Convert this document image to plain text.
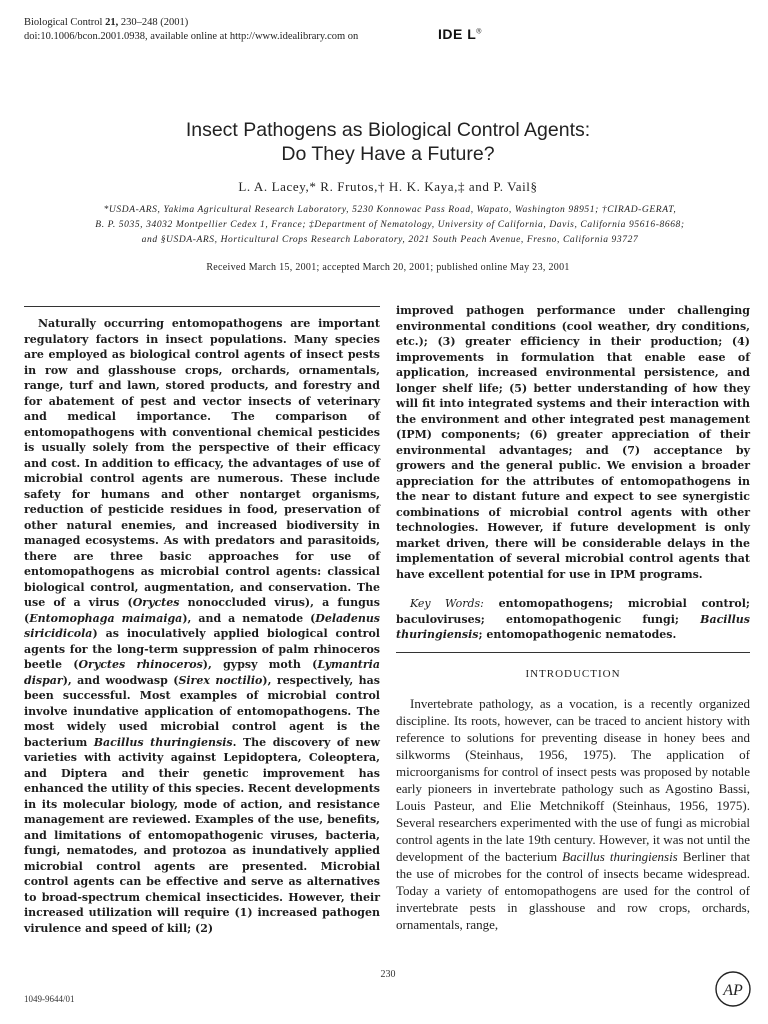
Biological Control 21, 230–248 (2001)
doi:10.1006/bcon.2001.0938, available online at http://www.idealibrary.com on	IDE L®
Insect Pathogens as Biological Control Agents:
Do They Have a Future?
L. A. Lacey,* R. Frutos,† H. K. Kaya,‡ and P. Vail§
*USDA-ARS, Yakima Agricultural Research Laboratory, 5230 Konnowac Pass Road, Wapato, Washington 98951; †CIRAD-GERAT,
B. P. 5035, 34032 Montpellier Cedex 1, France; ‡Department of Nematology, University of California, Davis, California 95616-8668;
and §USDA-ARS, Horticultural Crops Research Laboratory, 2021 South Peach Avenue, Fresno, California 93727
Received March 15, 2001; accepted March 20, 2001; published online May 23, 2001

Naturally occurring entomopathogens are important regulatory factors in insect populations. Many species are employed as biological control agents of insect pests in row and glasshouse crops, orchards, ornamentals, range, turf and lawn, stored products, and forestry and for abatement of pest and vector insects of veterinary and medical importance. The comparison of entomopathogens with conventional chemical pesticides is usually solely from the perspective of their efficacy and cost. In addition to efficacy, the advantages of use of microbial control agents are numerous. These include safety for humans and other nontarget organisms, reduction of pesticide residues in food, preservation of other natural enemies, and increased biodiversity in managed ecosystems. As with predators and parasitoids, there are three basic approaches for use of entomopathogens as microbial control agents: classical biological control, augmentation, and conservation. The use of a virus (Oryctes nonoccluded virus), a fungus (Entomophaga maimaiga), and a nematode (Deladenus siricidicola) as inoculatively applied biological control agents for the long-term suppression of palm rhinoceros beetle (Oryctes rhinoceros), gypsy moth (Lymantria dispar), and woodwasp (Sirex noctilio), respectively, has been successful. Most examples of microbial control involve inundative application of entomopathogens. The most widely used microbial control agent is the bacterium Bacillus thuringiensis. The discovery of new varieties with activity against Lepidoptera, Coleoptera, and Diptera and their genetic improvement has enhanced the utility of this species. Recent developments in its molecular biology, mode of action, and resistance management are reviewed. Examples of the use, benefits, and limitations of entomopathogenic viruses, bacteria, fungi, nematodes, and protozoa as inundatively applied microbial control agents are presented. Microbial control agents can be effective and serve as alternatives to broad-spectrum chemical insecticides. However, their increased utilization will require (1) increased pathogen virulence and speed of kill; (2)

improved pathogen performance under challenging environmental conditions (cool weather, dry conditions, etc.); (3) greater efficiency in their production; (4) improvements in formulation that enable ease of application, increased environmental persistence, and longer shelf life; (5) better understanding of how they will fit into integrated systems and their interaction with the environment and other integrated pest management (IPM) components; (6) greater appreciation of their environmental advantages; and (7) acceptance by growers and the general public. We envision a broader appreciation for the attributes of entomopathogens in the near to distant future and expect to see synergistic combinations of microbial control agents with other technologies. However, if future development is only market driven, there will be considerable delays in the implementation of several microbial control agents that have excellent potential for use in IPM programs.

Key Words: entomopathogens; microbial control; baculoviruses; entomopathogenic fungi; Bacillus thuringiensis; entomopathogenic nematodes.

INTRODUCTION

Invertebrate pathology, as a vocation, is a recently organized discipline. Its roots, however, can be traced to ancient history with reference to solutions for preventing disease in honey bees and silkworms (Steinhaus, 1956, 1975). The application of microorganisms for control of insect pests was proposed by notable early pioneers in invertebrate pathology such as Agostino Bassi, Louis Pasteur, and Elie Metchnikoff (Steinhaus, 1956, 1975). Several researchers experimented with the use of fungi as microbial control agents in the late 19th century. However, it was not until the development of the bacterium Bacillus thuringiensis Berliner that the use of microbes for the control of insects became widespread. Today a variety of entomopathogens are used for the control of invertebrate pests in glasshouse and row crops, orchards, ornamentals, range,

230
1049-9644/01	AP
